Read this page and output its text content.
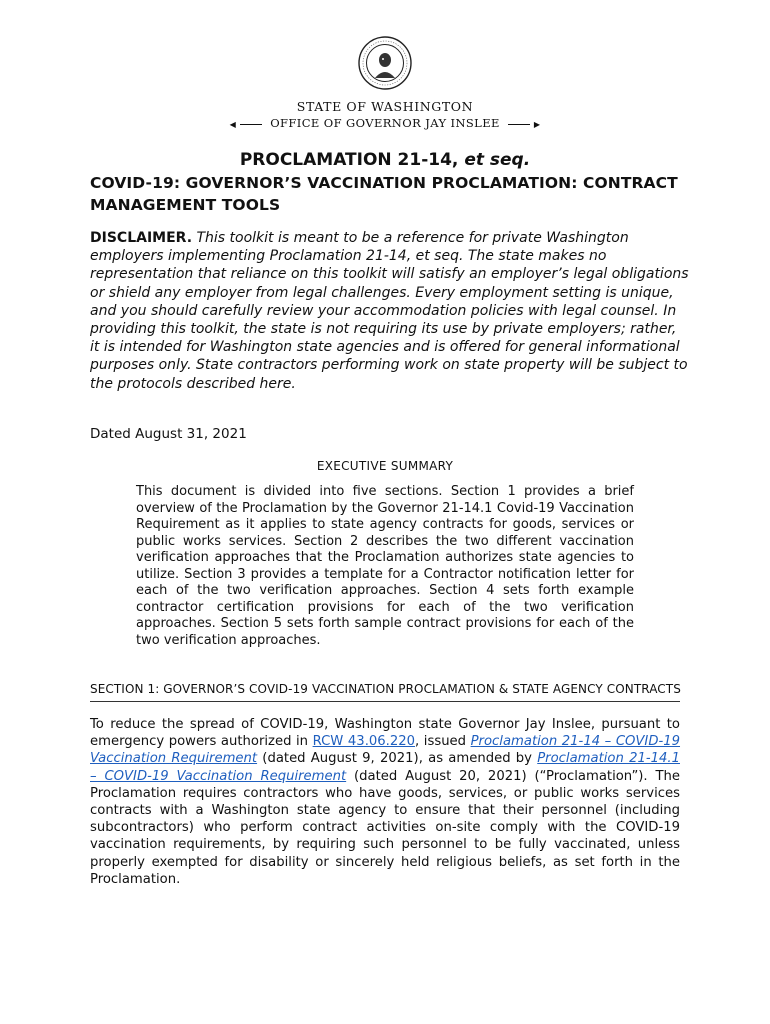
STATE OF WASHINGTON
◀	OFFICE OF GOVERNOR JAY INSLEE	▶
PROCLAMATION 21-14, et seq.
COVID-19: GOVERNOR’S VACCINATION PROCLAMATION: CONTRACT MANAGEMENT TOOLS
DISCLAIMER. This toolkit is meant to be a reference for private Washington employers implementing Proclamation 21-14, et seq. The state makes no representation that reliance on this toolkit will satisfy an employer’s legal obligations or shield any employer from legal challenges. Every employment setting is unique, and you should carefully review your accommodation policies with legal counsel. In providing this toolkit, the state is not requiring its use by private employers; rather, it is intended for Washington state agencies and is offered for general informational purposes only. State contractors performing work on state property will be subject to the protocols described here.
Dated August 31, 2021
EXECUTIVE SUMMARY
This document is divided into five sections. Section 1 provides a brief overview of the Proclamation by the Governor 21-14.1 Covid-19 Vaccination Requirement as it applies to state agency contracts for goods, services or public works services. Section 2 describes the two different vaccination verification approaches that the Proclamation authorizes state agencies to utilize. Section 3 provides a template for a Contractor notification letter for each of the two verification approaches. Section 4 sets forth example contractor certification provisions for each of the two verification approaches. Section 5 sets forth sample contract provisions for each of the two verification approaches.
SECTION 1: GOVERNOR’S COVID-19 VACCINATION PROCLAMATION & STATE AGENCY CONTRACTS
To reduce the spread of COVID-19, Washington state Governor Jay Inslee, pursuant to emergency powers authorized in RCW 43.06.220, issued Proclamation 21-14 – COVID-19 Vaccination Requirement (dated August 9, 2021), as amended by Proclamation 21-14.1 – COVID-19 Vaccination Requirement (dated August 20, 2021) (“Proclamation”). The Proclamation requires contractors who have goods, services, or public works services contracts with a Washington state agency to ensure that their personnel (including subcontractors) who perform contract activities on-site comply with the COVID-19 vaccination requirements, by requiring such personnel to be fully vaccinated, unless properly exempted for disability or sincerely held religious beliefs, as set forth in the Proclamation.
